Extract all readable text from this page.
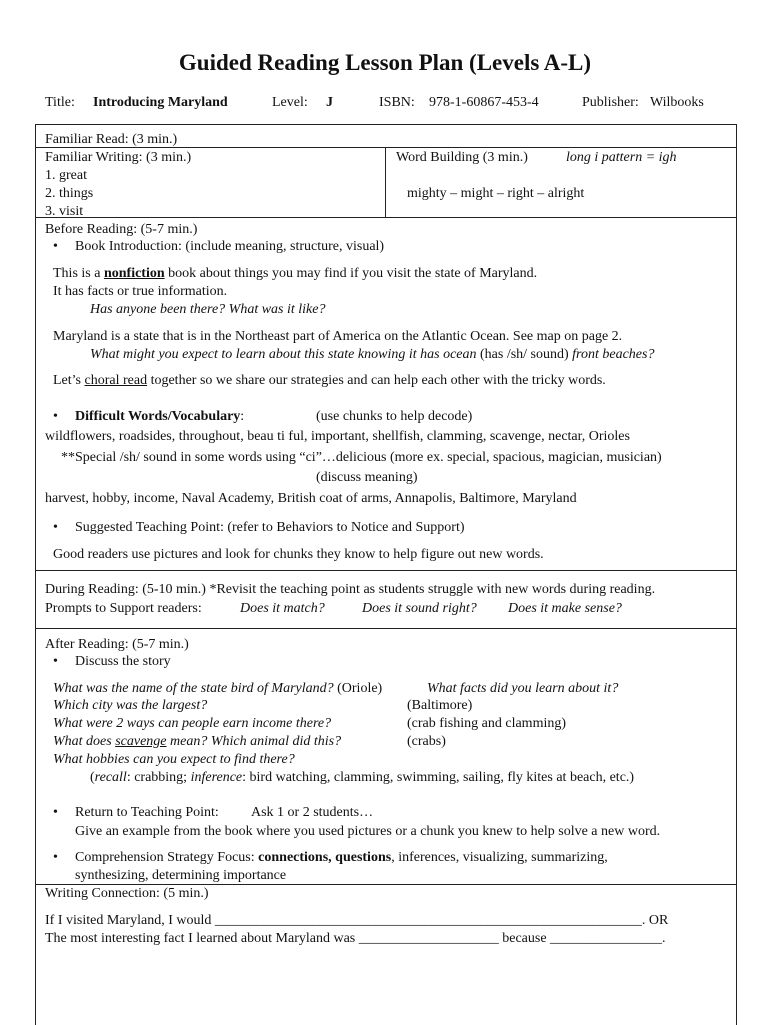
Guided Reading Lesson Plan (Levels A-L)
Title: Introducing Maryland	Level: J	ISBN: 978-1-60867-453-4	Publisher: Wilbooks
Familiar Read: (3 min.)
Familiar Writing: (3 min.)
1. great
2. things
3. visit
Word Building (3 min.)	long i pattern = igh
mighty – might – right – alright
Before Reading: (5-7 min.)
• Book Introduction: (include meaning, structure, visual)
This is a nonfiction book about things you may find if you visit the state of Maryland.
It has facts or true information.
Has anyone been there? What was it like?
Maryland is a state that is in the Northeast part of America on the Atlantic Ocean. See map on page 2.
What might you expect to learn about this state knowing it has ocean (has /sh/ sound) front beaches?
Let’s choral read together so we share our strategies and can help each other with the tricky words.
• Difficult Words/Vocabulary:	(use chunks to help decode)
wildflowers, roadsides, throughout, beau ti ful, important, shellfish, clamming, scavenge, nectar, Orioles
**Special /sh/ sound in some words using “ci”…delicious (more ex. special, spacious, magician, musician)
(discuss meaning)
harvest, hobby, income, Naval Academy, British coat of arms, Annapolis, Baltimore, Maryland
• Suggested Teaching Point: (refer to Behaviors to Notice and Support)
Good readers use pictures and look for chunks they know to help figure out new words.
During Reading: (5-10 min.) *Revisit the teaching point as students struggle with new words during reading.
Prompts to Support readers:	Does it match?	Does it sound right? Does it make sense?
After Reading: (5-7 min.)
• Discuss the story
What was the name of the state bird of Maryland? (Oriole)	What facts did you learn about it?
Which city was the largest?	(Baltimore)
What were 2 ways can people earn income there?	(crab fishing and clamming)
What does scavenge mean? Which animal did this?	(crabs)
What hobbies can you expect to find there?
(recall: crabbing; inference: bird watching, clamming, swimming, sailing, fly kites at beach, etc.)
• Return to Teaching Point: Ask 1 or 2 students…
Give an example from the book where you used pictures or a chunk you knew to help solve a new word.
• Comprehension Strategy Focus: connections, questions, inferences, visualizing, summarizing,
synthesizing, determining importance
Writing Connection: (5 min.)
If I visited Maryland, I would _____________________________________________________________. OR
The most interesting fact I learned about Maryland was ____________________ because ________________.
